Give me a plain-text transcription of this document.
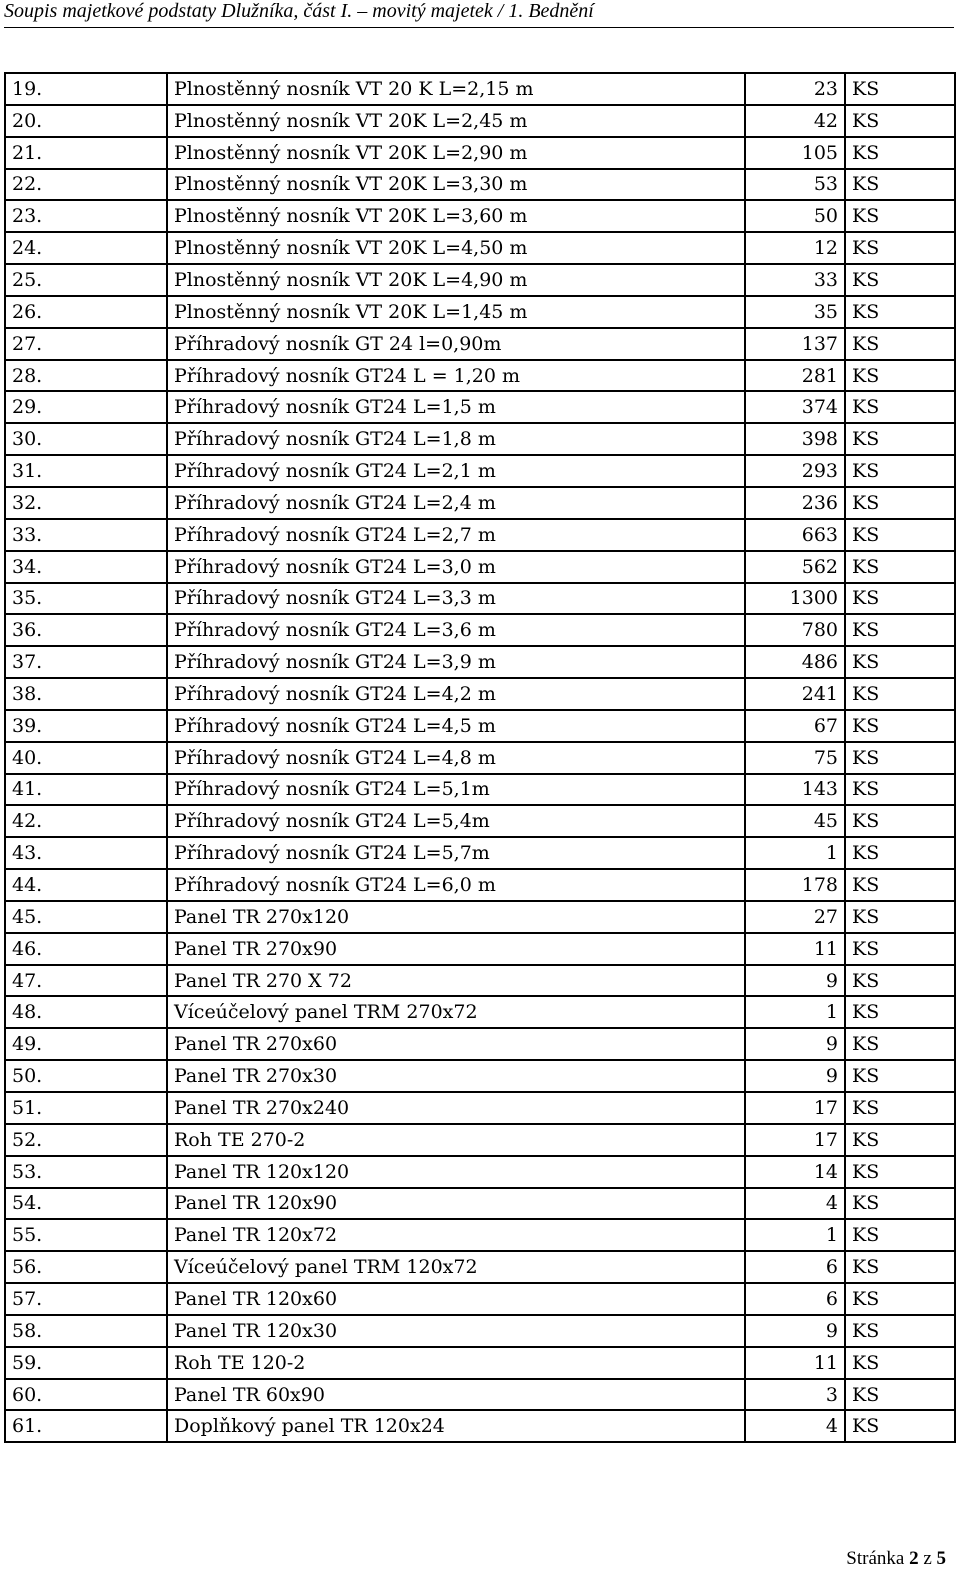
Soupis majetkové podstaty Dlužníka, část I. – movitý majetek / 1. Bednění
19.	Plnostěnný nosník VT 20 K L=2,15 m	23	KS
20.	Plnostěnný nosník VT 20K L=2,45 m	42	KS
21.	Plnostěnný nosník VT 20K L=2,90 m	105	KS
22.	Plnostěnný nosník VT 20K L=3,30 m	53	KS
23.	Plnostěnný nosník VT 20K L=3,60 m	50	KS
24.	Plnostěnný nosník VT 20K L=4,50 m	12	KS
25.	Plnostěnný nosník VT 20K L=4,90 m	33	KS
26.	Plnostěnný nosník VT 20K L=1,45 m	35	KS
27.	Příhradový nosník GT 24 l=0,90m	137	KS
28.	Příhradový nosník GT24 L = 1,20 m	281	KS
29.	Příhradový nosník GT24 L=1,5 m	374	KS
30.	Příhradový nosník GT24 L=1,8 m	398	KS
31.	Příhradový nosník GT24 L=2,1 m	293	KS
32.	Příhradový nosník GT24 L=2,4 m	236	KS
33.	Příhradový nosník GT24 L=2,7 m	663	KS
34.	Příhradový nosník GT24 L=3,0 m	562	KS
35.	Příhradový nosník GT24 L=3,3 m	1300	KS
36.	Příhradový nosník GT24 L=3,6 m	780	KS
37.	Příhradový nosník GT24 L=3,9 m	486	KS
38.	Příhradový nosník GT24 L=4,2 m	241	KS
39.	Příhradový nosník GT24 L=4,5 m	67	KS
40.	Příhradový nosník GT24 L=4,8 m	75	KS
41.	Příhradový nosník GT24 L=5,1m	143	KS
42.	Příhradový nosník GT24 L=5,4m	45	KS
43.	Příhradový nosník GT24 L=5,7m	1	KS
44.	Příhradový nosník GT24 L=6,0 m	178	KS
45.	Panel TR 270x120	27	KS
46.	Panel TR 270x90	11	KS
47.	Panel TR 270 X 72	9	KS
48.	Víceúčelový panel TRM 270x72	1	KS
49.	Panel TR 270x60	9	KS
50.	Panel TR 270x30	9	KS
51.	Panel TR 270x240	17	KS
52.	Roh TE 270-2	17	KS
53.	Panel TR 120x120	14	KS
54.	Panel TR 120x90	4	KS
55.	Panel TR 120x72	1	KS
56.	Víceúčelový panel TRM 120x72	6	KS
57.	Panel TR 120x60	6	KS
58.	Panel TR 120x30	9	KS
59.	Roh TE 120-2	11	KS
60.	Panel TR 60x90	3	KS
61.	Doplňkový panel TR 120x24	4	KS
Stránka 2 z 5
